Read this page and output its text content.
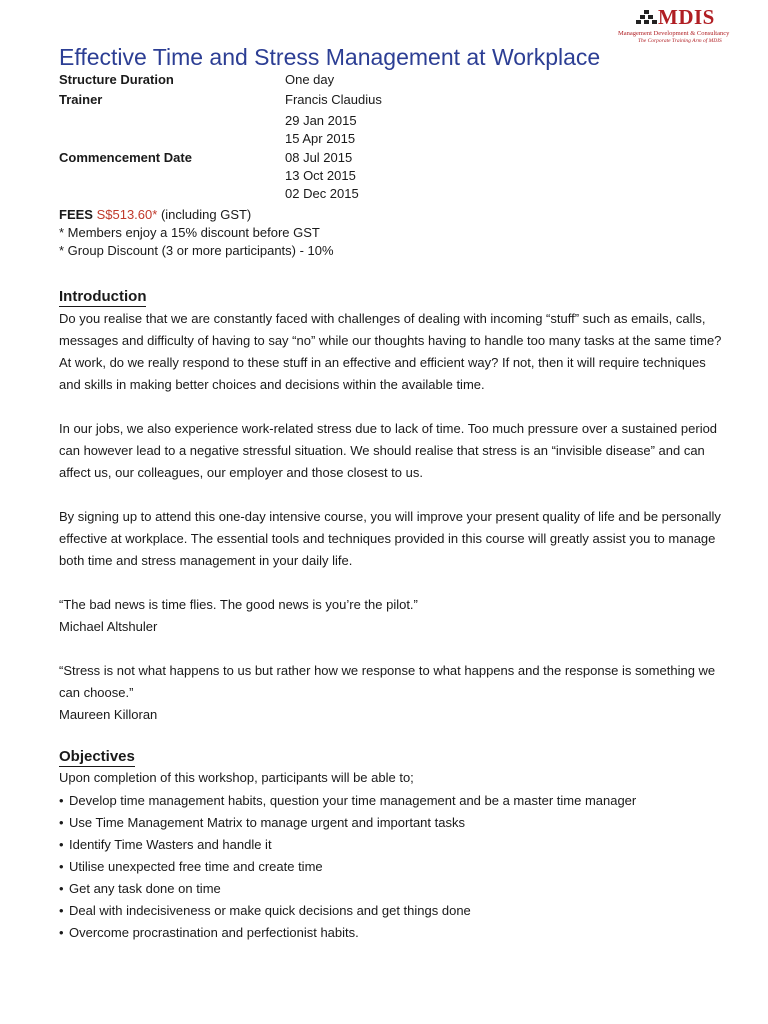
MDIS
Management Development & Consultancy
The Corporate Training Arm of MDIS
Effective Time and Stress Management at Workplace
Structure Duration	One day
Trainer	Francis Claudius
Commencement Date
29 Jan 2015
15 Apr 2015
08 Jul 2015
13 Oct 2015
02 Dec 2015
FEES S$513.60* (including GST)
* Members enjoy a 15% discount before GST
* Group Discount (3 or more participants) - 10%
Introduction

Do you realise that we are constantly faced with challenges of dealing with incoming “stuff” such as emails, calls, messages and difficulty of having to say “no” while our thoughts having to handle too many tasks at the same time? At work, do we really respond to these stuff in an effective and efficient way? If not, then it will require techniques and skills in making better choices and decisions within the available time.

In our jobs, we also experience work-related stress due to lack of time. Too much pressure over a sustained period can however lead to a negative stressful situation. We should realise that stress is an “invisible disease” and can affect us, our colleagues, our employer and those closest to us.

By signing up to attend this one-day intensive course, you will improve your present quality of life and be personally effective at workplace. The essential tools and techniques provided in this course will greatly assist you to manage both time and stress management in your daily life.

“The bad news is time flies. The good news is you’re the pilot.”

Michael Altshuler

“Stress is not what happens to us but rather how we response to what happens and the response is something we can choose.”

Maureen Killoran

Objectives
Upon completion of this workshop, participants will be able to;
• Develop time management habits, question your time management and be a master time manager
• Use Time Management Matrix to manage urgent and important tasks
• Identify Time Wasters and handle it
• Utilise unexpected free time and create time
• Get any task done on time
• Deal with indecisiveness or make quick decisions and get things done
• Overcome procrastination and perfectionist habits.
